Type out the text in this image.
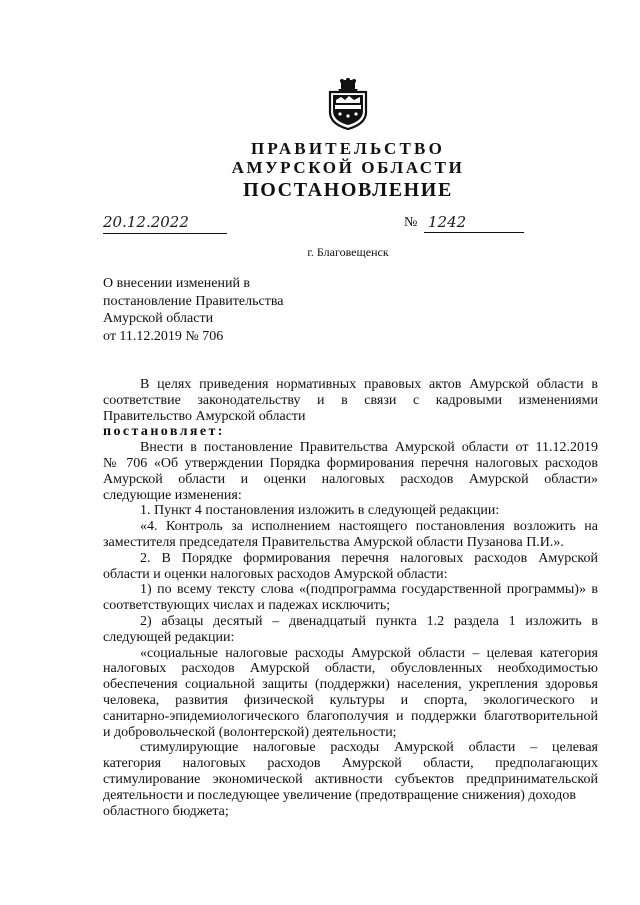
ПРАВИТЕЛЬСТВО
АМУРСКОЙ ОБЛАСТИ
ПОСТАНОВЛЕНИЕ
20.12.2022	№ 1242
г. Благовещенск
О внесении изменений в
постановление Правительства
Амурской области
от 11.12.2019 № 706
В целях приведения нормативных правовых актов Амурской области в
соответствие законодательству и в связи с кадровыми изменениями
Правительство Амурской области
постановляет:
Внести в постановление Правительства Амурской области от 11.12.2019
№ 706 «Об утверждении Порядка формирования перечня налоговых расходов
Амурской области и оценки налоговых расходов Амурской области»
следующие изменения:
1. Пункт 4 постановления изложить в следующей редакции:
«4. Контроль за исполнением настоящего постановления возложить на
заместителя председателя Правительства Амурской области Пузанова П.И.».
2. В Порядке формирования перечня налоговых расходов Амурской
области и оценки налоговых расходов Амурской области:
1) по всему тексту слова «(подпрограмма государственной программы)» в
соответствующих числах и падежах исключить;
2) абзацы десятый – двенадцатый пункта 1.2 раздела 1 изложить в
следующей редакции:
«социальные налоговые расходы Амурской области – целевая категория
налоговых расходов Амурской области, обусловленных необходимостью
обеспечения социальной защиты (поддержки) населения, укрепления здоровья
человека, развития физической культуры и спорта, экологического и
санитарно-эпидемиологического благополучия и поддержки благотворительной
и добровольческой (волонтерской) деятельности;
стимулирующие налоговые расходы Амурской области – целевая
категория налоговых расходов Амурской области, предполагающих
стимулирование экономической активности субъектов предпринимательской
деятельности и последующее увеличение (предотвращение снижения) доходов
областного бюджета;
